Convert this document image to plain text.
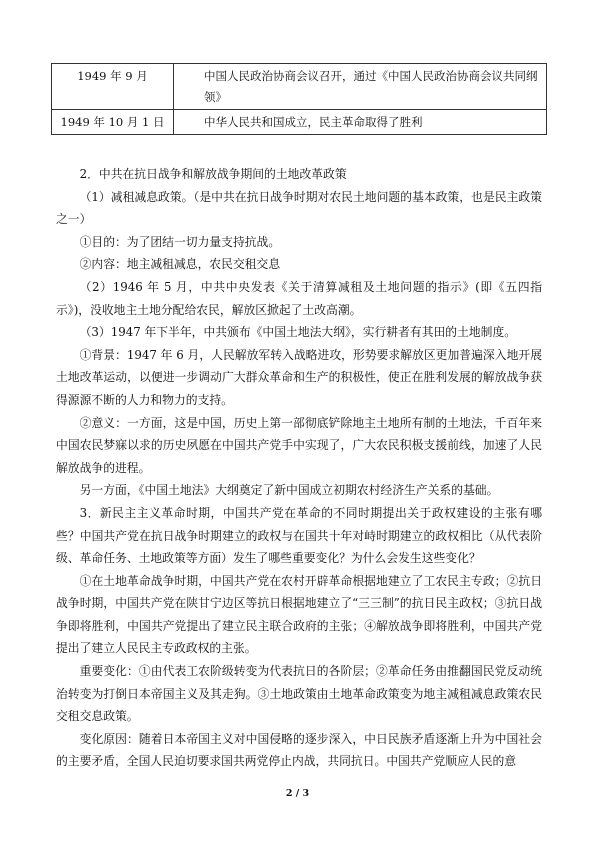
1949 年 9 月	中国人民政治协商会议召开，通过《中国人民政治协商会议共同纲领》
1949 年 10 月 1 日	中华人民共和国成立，民主革命取得了胜利

2．中共在抗日战争和解放战争期间的土地改革政策

（1）减租减息政策。（是中共在抗日战争时期对农民土地问题的基本政策，也是民主政策之一）

①目的：为了团结一切力量支持抗战。

②内容：地主减租减息，农民交租交息

（2）1946 年 5 月，中共中央发表《关于清算减租及土地问题的指示》(即《五四指示》)，没收地主土地分配给农民，解放区掀起了土改高潮。

（3）1947 年下半年，中共颁布《中国土地法大纲》，实行耕者有其田的土地制度。

①背景：1947 年 6 月，人民解放军转入战略进攻，形势要求解放区更加普遍深入地开展土地改革运动，以便进一步调动广大群众革命和生产的积极性，使正在胜利发展的解放战争获得源源不断的人力和物力的支持。

②意义：一方面，这是中国，历史上第一部彻底铲除地主土地所有制的土地法，千百年来中国农民梦寐以求的历史夙愿在中国共产党手中实现了，广大农民积极支援前线，加速了人民解放战争的进程。

另一方面，《中国土地法》大纲奠定了新中国成立初期农村经济生产关系的基础。

3．新民主主义革命时期，中国共产党在革命的不同时期提出关于政权建设的主张有哪些？中国共产党在抗日战争时期建立的政权与在国共十年对峙时期建立的政权相比（从代表阶级、革命任务、土地政策等方面）发生了哪些重要变化？为什么会发生这些变化？

①在土地革命战争时期，中国共产党在农村开辟革命根据地建立了工农民主专政；②抗日战争时期，中国共产党在陕甘宁边区等抗日根据地建立了“三三制”的抗日民主政权；③抗日战争即将胜利，中国共产党提出了建立民主联合政府的主张；④解放战争即将胜利，中国共产党提出了建立人民民主专政政权的主张。

重要变化：①由代表工农阶级转变为代表抗日的各阶层；②革命任务由推翻国民党反动统治转变为打倒日本帝国主义及其走狗。③土地政策由土地革命政策变为地主减租减息政策农民交租交息政策。

变化原因：随着日本帝国主义对中国侵略的逐步深入，中日民族矛盾逐渐上升为中国社会的主要矛盾，全国人民迫切要求国共两党停止内战，共同抗日。中国共产党顺应人民的意

2 / 3
